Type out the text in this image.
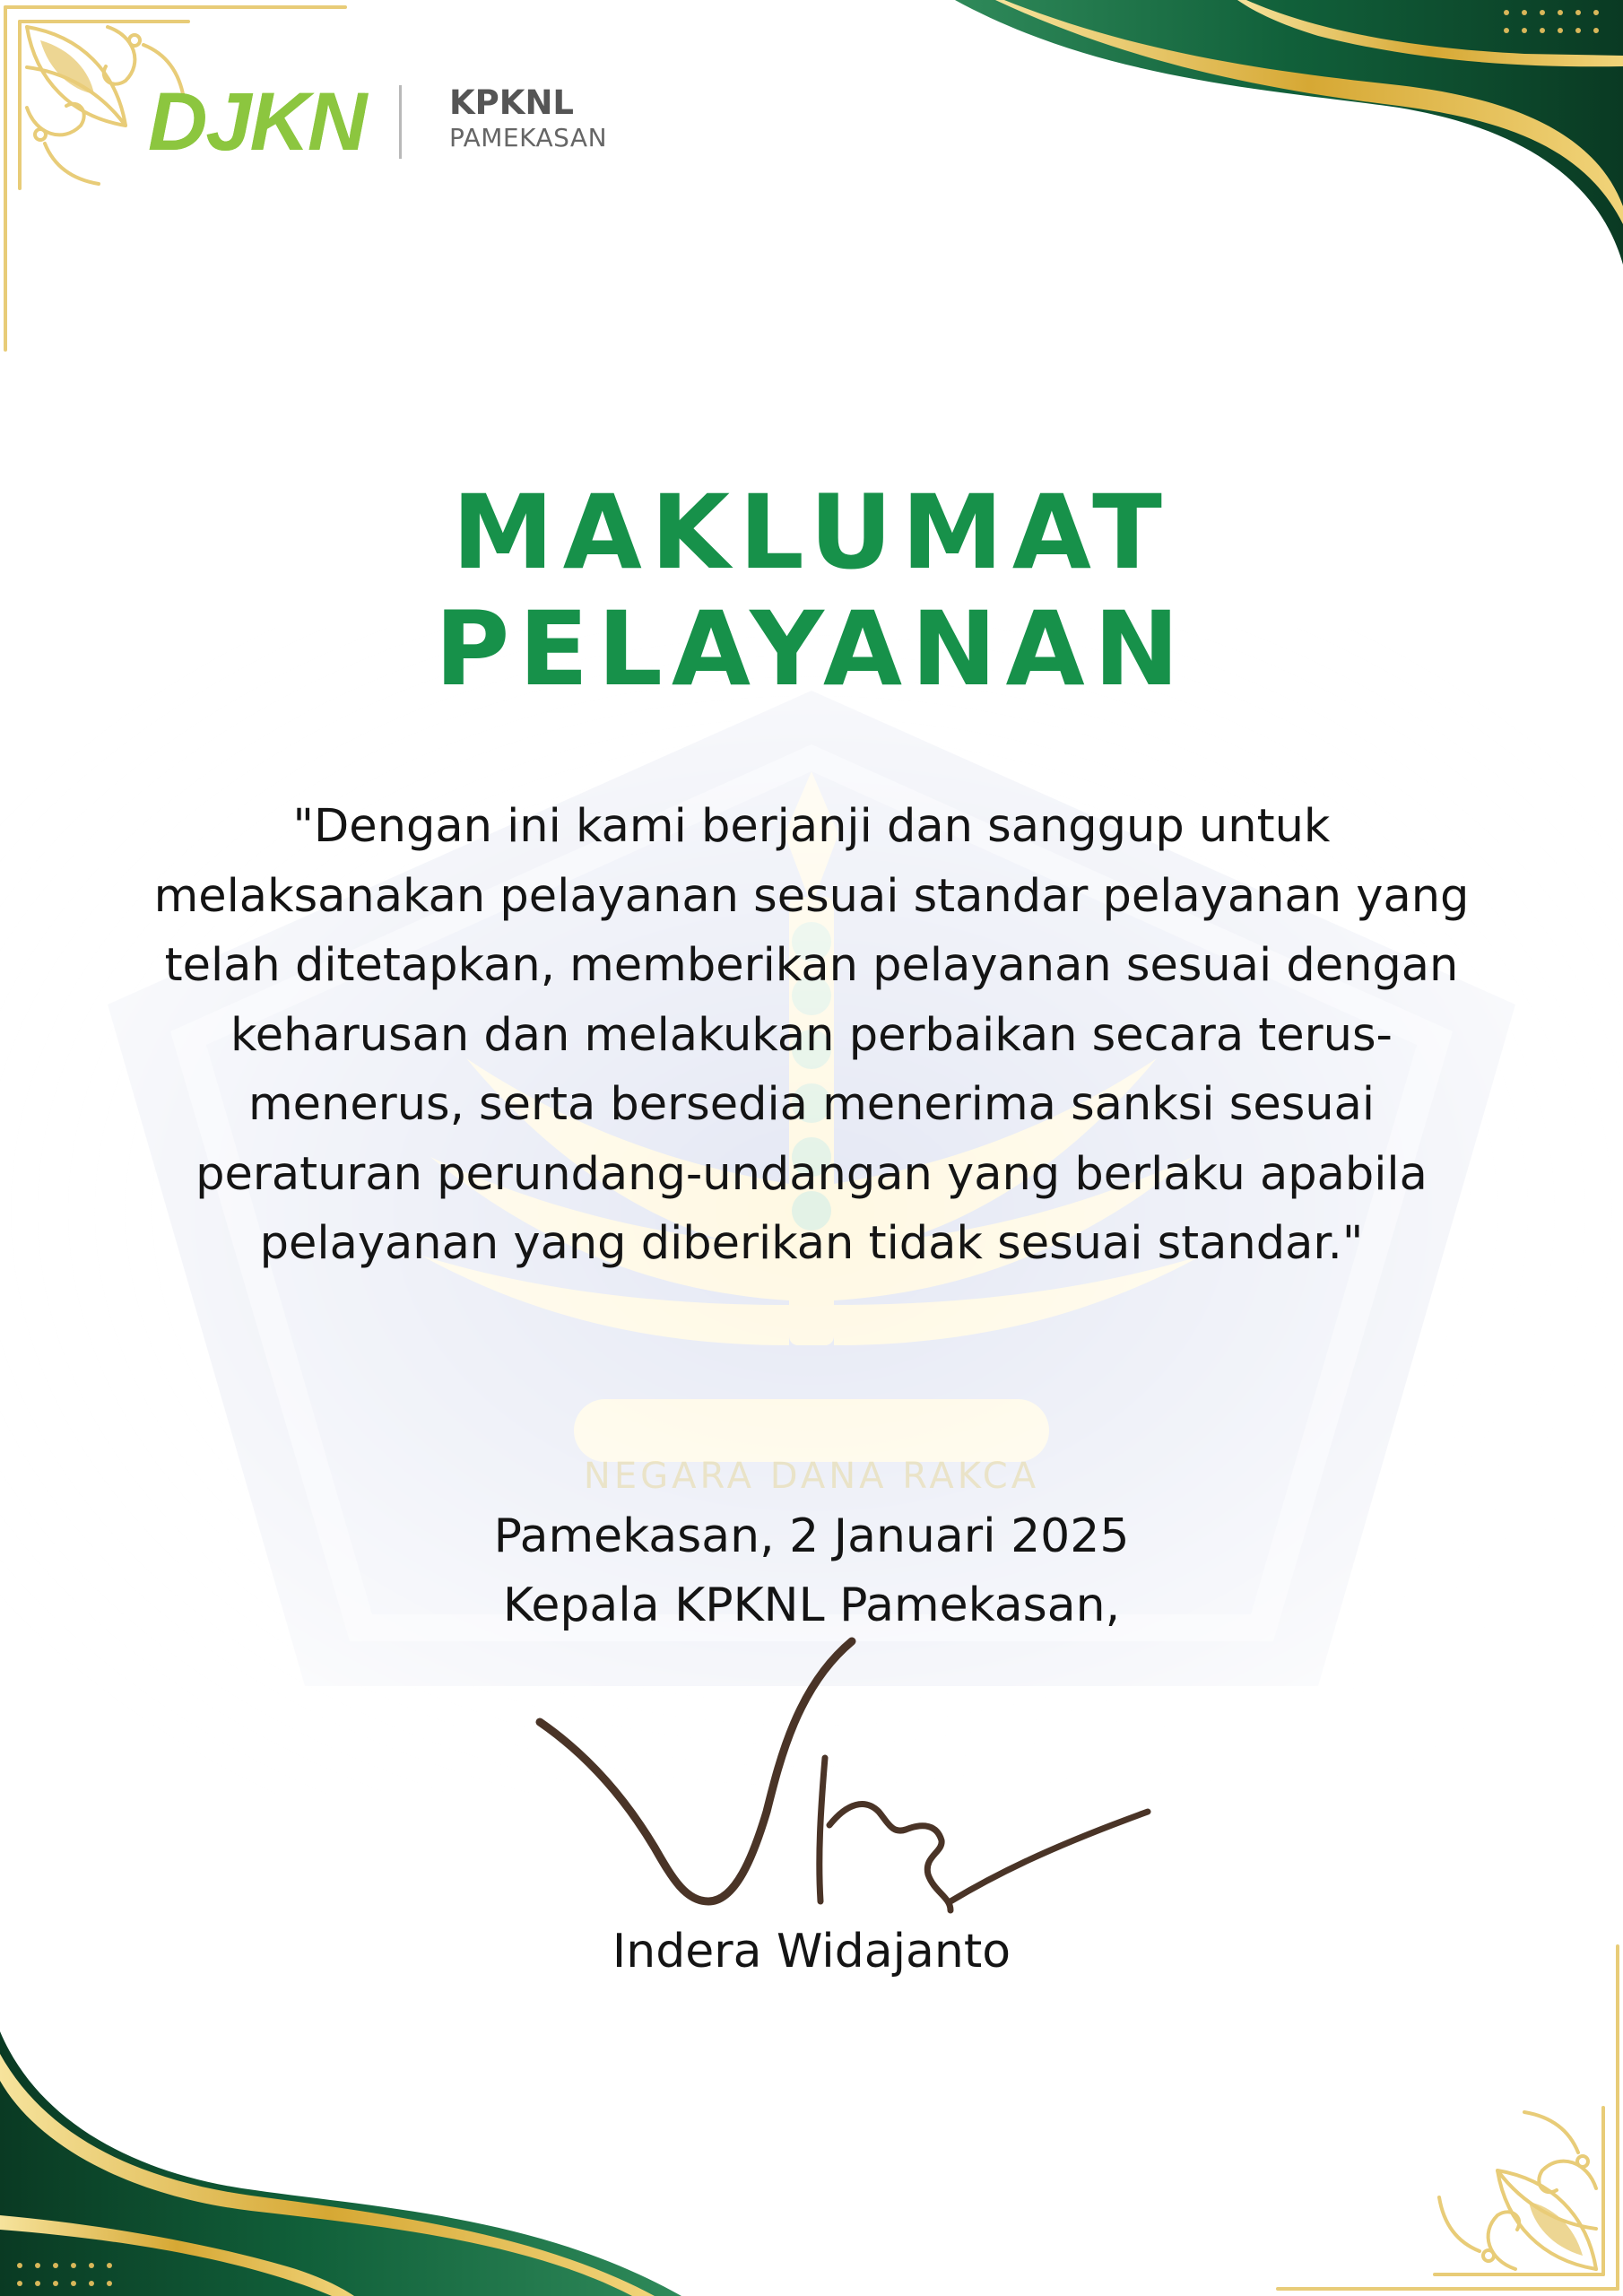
NEGARA DANA RAKCA
DJKN	KPKNL
PAMEKASAN
MAKLUMAT
PELAYANAN

"Dengan ini kami berjanji dan sanggup untuk melaksanakan pelayanan sesuai standar pelayanan yang telah ditetapkan, memberikan pelayanan sesuai dengan keharusan dan melakukan perbaikan secara terus-menerus, serta bersedia menerima sanksi sesuai peraturan perundang-undangan yang berlaku apabila pelayanan yang diberikan tidak sesuai standar."

Pamekasan, 2 Januari 2025
Kepala KPKNL Pamekasan,
Indera Widajanto
